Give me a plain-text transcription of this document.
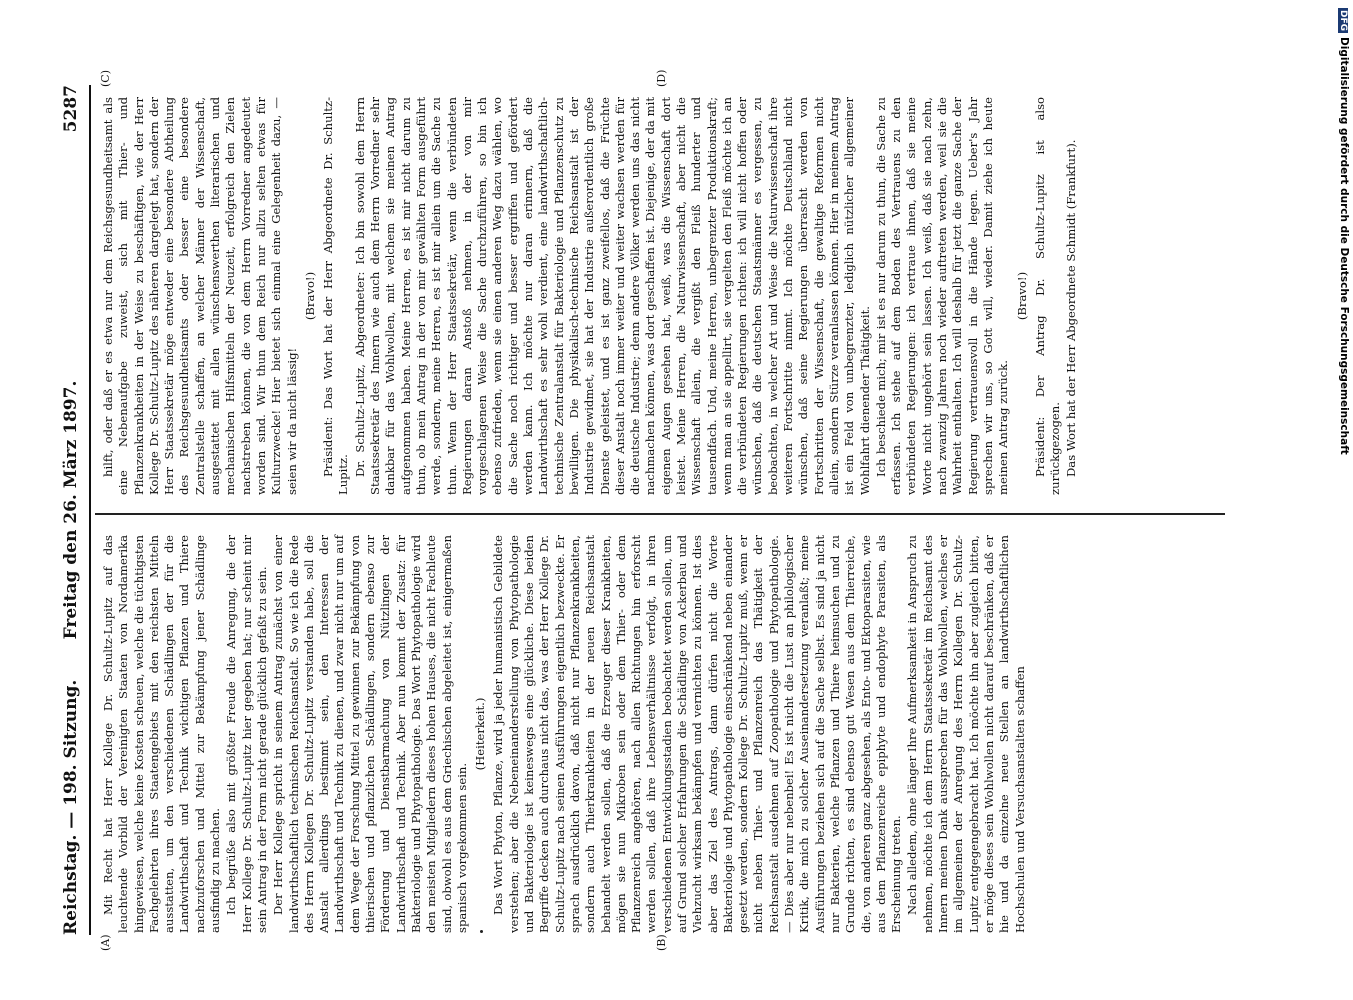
Reichstag. — 198. Sitzung.
Freitag den 26. März 1897.
5287
(A)	(B)
(C)	(D)

Mit Recht hat Herr Kollege Dr. Schultz-Lupitz auf das leuchtende Vorbild der Vereinigten Staaten von Nordamerika hingewiesen, welche keine Kosten scheuen, welche die tüchtigsten Fachgelehrten ihres Staatengebiets mit den reichsten Mitteln ausstatten, um den verschiedenen Schädlingen der für die Landwirthschaft und Technik wichtigen Pflanzen und Thiere nachzuforschen und Mittel zur Bekämpfung jener Schädlinge ausfindig zu machen. Ich begrüße also mit größter Freude die Anregung, die der Herr Kollege Dr. Schultz-Lupitz hier gegeben hat; nur scheint mir sein Antrag in der Form nicht gerade glücklich gefaßt zu sein. Der Herr Kollege spricht in seinem Antrag zunächst von einer landwirthschaftlich technischen Reichsanstalt. So wie ich die Rede des Herrn Kollegen Dr. Schultz-Lupitz verstanden habe, soll die Anstalt allerdings bestimmt sein, den Interessen der Landwirthschaft und Technik zu dienen, und zwar nicht nur um auf dem Wege der Forschung Mittel zu gewinnen zur Bekämpfung von thierischen und pflanzlichen Schädlingen, sondern ebenso zur Förderung und Dienstbarmachung von Nützlingen der Landwirthschaft und Technik. Aber nun kommt der Zusatz: für Bakteriologie und Phytopathologie. Das Wort Phytopathologie wird den meisten Mitgliedern dieses hohen Hauses, die nicht Fachleute sind, obwohl es aus dem Griechischen abgeleitet ist, einigermaßen spanisch vorgekommen sein.

(Heiterkeit.) Das Wort Phyton, Pflanze, wird ja jeder humanistisch Gebildete verstehen; aber die Nebeneinanderstellung von Phytopathologie und Bakteriologie ist keineswegs eine glückliche. Diese beiden Begriffe decken auch durchaus nicht das, was der Herr Kollege Dr. Schultz-Lupitz nach seinen Ausführungen eigentlich bezweckte. Er sprach ausdrücklich davon, daß nicht nur Pflanzenkrankheiten, sondern auch Thierkrankheiten in der neuen Reichsanstalt behandelt werden sollen, daß die Erzeuger dieser Krankheiten, mögen sie nun Mikroben sein oder dem Thier- oder dem Pflanzenreich angehören, nach allen Richtungen hin erforscht werden sollen, daß ihre Lebensverhältnisse verfolgt, in ihren verschiedenen Entwicklungsstadien beobachtet werden sollen, um auf Grund solcher Erfahrungen die Schädlinge von Ackerbau und Viehzucht wirksam bekämpfen und vernichten zu können. Ist dies aber das Ziel des Antrags, dann dürfen nicht die Worte Bakteriologie und Phytopathologie einschränkend neben einander gesetzt werden, sondern Kollege Dr. Schultz-Lupitz muß, wenn er nicht neben Thier- und Pflanzenreich das Thätigkeit der Reichsanstalt ausdehnen auf Zoopathologie und Phytopathologie. — Dies aber nur nebenbei! Es ist nicht die Lust an philologischer Kritik, die mich zu solcher Auseinandersetzung veranlaßt; meine Ausführungen beziehen sich auf die Sache selbst. Es sind ja nicht nur Bakterien, welche Pflanzen und Thiere heimsuchen und zu Grunde richten, es sind ebenso gut Wesen aus dem Thierreiche, die, von anderen ganz abgesehen, als Ento- und Ektoparasiten, wie aus dem Pflanzenreiche epiphyte und endophyte Parasiten, als Erscheinung treten. Nach alledem, ohne länger Ihre Aufmerksamkeit in Anspruch zu nehmen, möchte ich dem Herrn Staatssekretär im Reichsamt des Innern meinen Dank aussprechen für das Wohlwollen, welches er im allgemeinen der Anregung des Herrn Kollegen Dr. Schultz-Lupitz entgegengebracht hat. Ich möchte ihn aber zugleich bitten, er möge dieses sein Wohlwollen nicht darauf beschränken, daß er hie und da einzelne neue Stellen an landwirthschaftlichen Hochschulen und Versuchsanstalten schaffen

hilft, oder daß er es etwa nur dem Reichsgesundheitsamt als eine Nebenaufgabe zuweist, sich mit Thier- und Pflanzenkrankheiten in der Weise zu beschäftigen, wie der Herr Kollege Dr. Schultz-Lupitz des näheren dargelegt hat, sondern der Herr Staatssekretär möge entweder eine besondere Abtheilung des Reichsgesundheitsamts oder besser eine besondere Zentralstelle schaffen, an welcher Männer der Wissenschaft, ausgestattet mit allen wünschenswerthen literarischen und mechanischen Hilfsmitteln der Neuzeit, erfolgreich den Zielen nachstreben können, die von dem Herrn Vorredner angedeutet worden sind. Wir thun dem Reich nur allzu selten etwas für Kulturzwecke! Hier bietet sich einmal eine Gelegenheit dazu, — seien wir da nicht lässig!

(Bravo!) Präsident: Das Wort hat der Herr Abgeordnete Dr. Schultz-Lupitz. Dr. Schultz-Lupitz, Abgeordneter: Ich bin sowohl dem Herrn Staatssekretär des Innern wie auch dem Herrn Vorredner sehr dankbar für das Wohlwollen, mit welchem sie meinen Antrag aufgenommen haben. Meine Herren, es ist mir nicht darum zu thun, ob mein Antrag in der von mir gewählten Form ausgeführt werde, sondern, meine Herren, es ist mir allein um die Sache zu thun. Wenn der Herr Staatssekretär, wenn die verbündeten Regierungen daran Anstoß nehmen, in der von mir vorgeschlagenen Weise die Sache durchzuführen, so bin ich ebenso zufrieden, wenn sie einen anderen Weg dazu wählen, wo die Sache noch richtiger und besser ergriffen und gefördert werden kann. Ich möchte nur daran erinnern, daß die Landwirthschaft es sehr wohl verdient, eine landwirthschaftlich-technische Zentralanstalt für Bakteriologie und Pflanzenschutz zu bewilligen. Die physikalisch-technische Reichsanstalt ist der Industrie gewidmet, sie hat der Industrie außerordentlich große Dienste geleistet, und es ist ganz zweifellos, daß die Früchte dieser Anstalt noch immer weiter und weiter wachsen werden für die deutsche Industrie; denn andere Völker werden uns das nicht nachmachen können, was dort geschaffen ist. Diejenige, der da mit eigenen Augen gesehen hat, weiß, was die Wissenschaft dort leistet. Meine Herren, die Naturwissenschaft, aber nicht die Wissenschaft allein, die vergißt den Fleiß hunderter und tausendfach. Und, meine Herren, unbegrenzter Produktionskraft; wenn man an sie appellirt, sie vergelten den Fleiß möchte ich an die verbündeten Regierungen richten: ich will nicht hoffen oder wünschen, daß die deutschen Staatsmänner es vergessen, zu beobachten, in welcher Art und Weise die Naturwissenschaft ihre weiteren Fortschritte nimmt. Ich möchte Deutschland nicht wünschen, daß seine Regierungen überrascht werden von Fortschritten der Wissenschaft, die gewaltige Reformen nicht allein, sondern Stürze veranlassen können. Hier in meinem Antrag ist ein Feld von unbegrenzter, lediglich nützlicher allgemeiner Wohlfahrt dienender Thätigkeit. Ich beschiede mich; mir ist es nur darum zu thun, die Sache zu erfassen. Ich stehe auf dem Boden des Vertrauens zu den verbündeten Regierungen: ich vertraue ihnen, daß sie meine Worte nicht ungehört sein lassen. Ich weiß, daß sie nach zehn, nach zwanzig Jahren noch wieder auftreten werden, weil sie die Wahrheit enthalten. Ich will deshalb für jetzt die ganze Sache der Regierung vertrauensvoll in die Hände legen. Ueber's Jahr sprechen wir uns, so Gott will, wieder. Damit ziehe ich heute meinen Antrag zurück.

(Bravo!) Präsident: Der Antrag Dr. Schultz-Lupitz ist also zurückgezogen. Das Wort hat der Herr Abgeordnete Schmidt (Frankfurt).

DFGDigitalisierung gefördert durch die Deutsche Forschungsgemeinschaft
